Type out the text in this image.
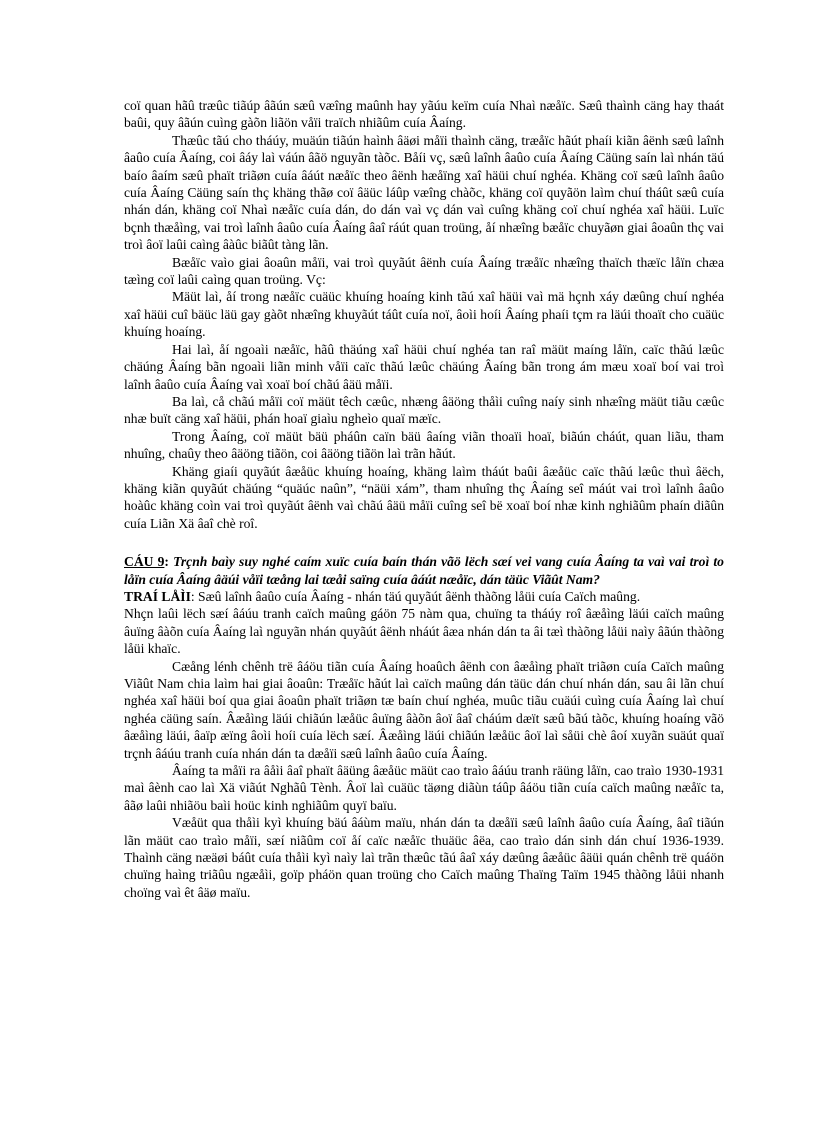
coï quan hãû træûc tiãúp âãún sæû væîng maûnh hay yãúu keïm cuía Nhaì næåïc. Sæû thaình cäng hay thaát baûi, quy âãún cuìng gàõn liãön våïi traïch nhiãûm cuía Âaíng.

Thæûc tãú cho tháúy, muäún tiãún haình âäøi måïi thaình cäng, træåïc hãút phaíi kiãn âënh sæû laînh âaûo cuía Âaíng, coi âáy laì váún âãö nguyãn tàõc. Båíi vç, sæû laînh âaûo cuía Âaíng Cäüng saín laì nhán täú baío âaím sæû phaït triãøn cuía âáút næåïc theo âënh hæåïng xaî häüi chuí nghéa. Khäng coï sæû laînh âaûo cuía Âaíng Cäüng saín thç khäng thãø coï âäüc láûp væîng chàõc, khäng coï quyãön laìm chuí tháût sæû cuía nhán dán, khäng coï Nhaì næåïc cuía dán, do dán vaì vç dán vaì cuîng khäng coï chuí nghéa xaî häüi. Luïc bçnh thæåìng, vai troì laînh âaûo cuía Âaíng âaî ráút quan troüng, åí nhæîng bæåïc chuyãøn giai âoaûn thç vai troì âoï laûi caìng âàûc biãût tàng lãn.

Bæåïc vaìo giai âoaûn måïi, vai troì quyãút âënh cuía Âaíng træåïc nhæîng thaïch thæïc låïn chæa tæìng coï laûi caìng quan troüng. Vç:

Mäüt laì, åí trong næåïc cuäüc khuíng hoaíng kinh tãú xaî häüi vaì mä hçnh xáy dæûng chuí nghéa xaî häüi cuî bäüc läü gay gàõt nhæîng khuyãút táût cuía noï, âoìi hoíi Âaíng phaíi tçm ra läúi thoaït cho cuäüc khuíng hoaíng.

Hai laì, åí ngoaìi næåïc, hãû thäúng xaî häüi chuí nghéa tan raî mäüt maíng låïn, caïc thãú læûc chäúng Âaíng bãn ngoaìi liãn minh våïi caïc thãú læûc chäúng Âaíng bãn trong ám mæu xoaï boí vai troì laînh âaûo cuía Âaíng vaì xoaï boí chãú âäü måïi.

Ba laì, cå chãú måïi coï mäüt têch cæûc, nhæng âäöng thåìi cuîng naíy sinh nhæîng mäüt tiãu cæûc nhæ buït cäng xaî häüi, phán hoaï giaìu ngheìo quaï mæïc.

Trong Âaíng, coï mäüt bäü pháûn caïn bäü âaíng viãn thoaïi hoaï, biãún cháút, quan liãu, tham nhuîng, chaûy theo âäöng tiãön, coi âäöng tiãön laì trãn hãút.

Khäng giaíi quyãút âæåüc khuíng hoaíng, khäng laìm tháút baûi âæåüc caïc thãú læûc thuì âëch, khäng kiãn quyãút chäúng “quäúc naûn”, “näüi xám”, tham nhuîng thç Âaíng seî máút vai troì laînh âaûo hoàûc khäng coìn vai troì quyãút âënh vaì chãú âäü måïi cuîng seî bë xoaï boí nhæ kinh nghiãûm phaín diãûn cuía Liãn Xä âaî chè roî.

CÁU 9: Trçnh baìy suy nghé caím xuïc cuía baín thán vãö lëch sæí vei vang cuía Âaíng ta vaì vai troì to låïn cuía Âaíng âäúi våïi tæång lai tæåi saïng cuía âáút næåïc, dán täüc Viãût Nam?

TRAÍ LÅÌI: Sæû laînh âaûo cuía Âaíng - nhán täú quyãút âënh thàõng låüi cuía Caïch maûng.

Nhçn laûi lëch sæí âáúu tranh caïch maûng gáön 75 nàm qua, chuïng ta tháúy roî âæåìng läúi caïch maûng âuïng âàõn cuía Âaíng laì nguyãn nhán quyãút âënh nháút âæa nhán dán ta âi tæì thàõng låüi naìy âãún thàõng låüi khaïc.

Cæång lénh chênh trë âáöu tiãn cuía Âaíng hoaûch âënh con âæåìng phaït triãøn cuía Caïch maûng Viãût Nam chia laìm hai giai âoaûn: Træåïc hãút laì caïch maûng dán täüc dán chuí nhán dán, sau âi lãn chuí nghéa xaî häüi boí qua giai âoaûn phaït triãøn tæ baín chuí nghéa, muûc tiãu cuäúi cuìng cuía Âaíng laì chuí nghéa cäüng saín. Âæåìng läúi chiãún læåüc âuïng âàõn âoï âaî cháúm dæït sæû bãú tàõc, khuíng hoaíng vãö âæåìng läúi, âaïp æïng âoìi hoíi cuía lëch sæí. Âæåìng läúi chiãún læåüc âoï laì såüi chè âoí xuyãn suäút quaï trçnh âáúu tranh cuía nhán dán ta dæåïi sæû laînh âaûo cuía Âaíng.

Âaíng ta måïi ra âåìi âaî phaït âäüng âæåüc mäüt cao traìo âáúu tranh räüng låïn, cao traìo 1930-1931 maì âènh cao laì Xä viãút Nghãû Tènh. Âoï laì cuäüc täøng diãùn táûp âáöu tiãn cuía caïch maûng næåïc ta, âãø laûi nhiãöu baìi hoüc kinh nghiãûm quyï baïu.

Væåüt qua thåìi kyì khuíng bäú âáùm maïu, nhán dán ta dæåïi sæû laînh âaûo cuía Âaíng, âaî tiãún lãn mäüt cao traìo måïi, sæí niãûm coï åí caïc næåïc thuäüc âëa, cao traìo dán sinh dán chuí 1936-1939. Thaình cäng næäøi báût cuía thåìi kyì naìy laì trãn thæûc tãú âaî xáy dæûng âæåüc âäüi quán chênh trë quáön chuïng haìng triãûu ngæåìi, goïp pháön quan troüng cho Caïch maûng Thaïng Taïm 1945 thàõng låüi nhanh choïng vaì êt âäø maïu.
